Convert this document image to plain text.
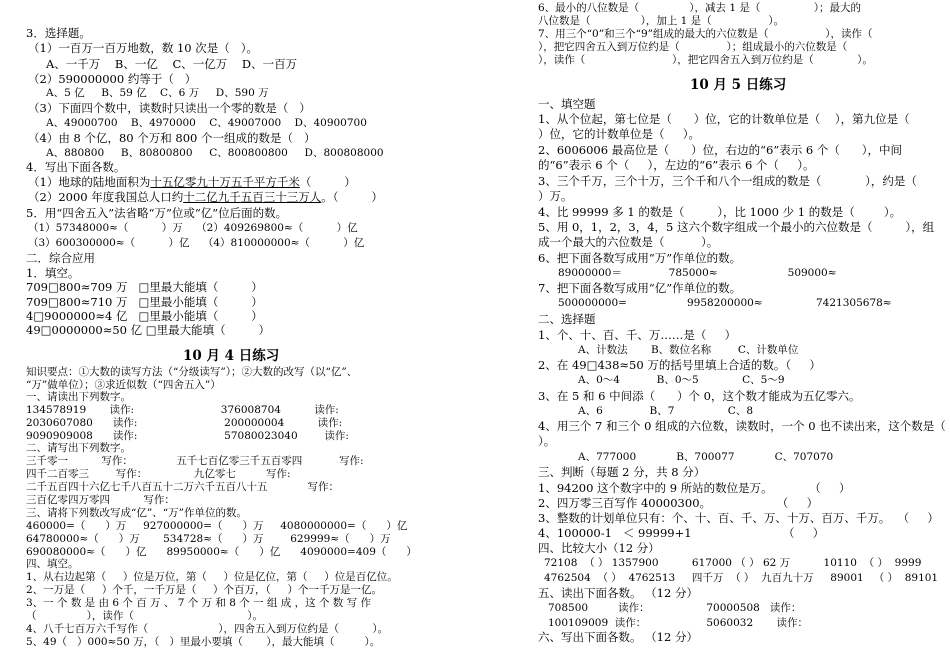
3．选择题。
（1）一百万一百万地数，数 10 次是（   ）。
A、一千万    B、一亿    C、一亿万    D、一百万
（2）590000000 约等于（   ）
A、5 亿     B、59 亿    C、6 万     D、590 万
（3）下面四个数中，读数时只读出一个零的数是（   ）
A、49000700    B、4970000    C、49007000    D、40900700
（4）由 8 个亿，80 个万和 800 个一组成的数是（   ）
A、880800     B、80800800     C、800800800     D、800808000
4．写出下面各数。
（1）地球的陆地面积为十五亿零九十万五千平方千米（         ）
（2）2000 年度我国总人口约十二亿九千五百三十三万人。（         ）
5．用“四舍五入”法省略“万”位或“亿”位后面的数。
（1）57348000≈（          ）万    （2）409269800≈（          ）亿
（3）600300000≈（          ）亿    （4）810000000≈（          ）亿
二．综合应用
1．填空。
709□800≈709 万   □里最大能填（         ）
709□800≈710 万   □里最小能填（         ）
4□9000000≈4 亿   □里最小能填（         ）
49□0000000≈50 亿 □里最大能填（         ）
10 月 4 日练习
知识要点：①大数的读写方法（“分级读写”）；②大数的改写（以“亿”、
“万”做单位）；③求近似数（“四舍五入”）
一、请读出下列数字。
134578919       读作:                          376008704          读作:
2030607080      读作:                          200000004          读作:
9090909008      读作:                          57080023040        读作:
二、请写出下列数字。
三千零一          写作：             五千七百亿零三千五百零四           写作:
四千二百零三        写作：              九亿零七         写作:
二千五百四十六亿七千八百五十二万六千五百八十五            写作：
三百亿零四万零四          写作：
三、请将下列数改写成“亿”、“万”作单位的数。
460000=（      ）万     927000000=（      ）万     4080000000=（      ）亿
64780000≈（      ）万       534728≈（      ）万        629999≈（      ）万
690080000≈（      ）亿      89950000≈（      ）亿      4090000=409（      ）
四、填空。
1、从右边起第（     ）位是万位，第（     ）位是亿位，第（     ）位是百亿位。
2、一万是（     ）个千，一千万是（     ）个百万，（     ）个一千万是一亿。
3、一 个 数 是 由 6 个 百 万 、 7 个 万 和 8 个 一 组 成 ，这 个 数 写 作
（               ），读作（                                  ）。
4、八千七百万六千写作（                     ），四舍五入到万位约是（          ）。
5、49（   ）000≈50 万，（   ）里最小要填（       ），最大能填（         ）。
6、最小的八位数是（               ），减去 1 是（                ）；最大的
八位数是（               ），加上 1 是（                 ）。
7、用三个“0”和三个“9”组成的最大的六位数是（                 ），读作（
），把它四舍五入到万位约是（              ）；组成最小的六位数是（
），读作（                          ），把它四舍五入到万位约是（             ）。
10 月 5 日练习
一、填空题
1、从个位起，第七位是（      ）位，它的计数单位是（    ），第九位是（
）位，它的计数单位是（     ）。
2、6006006 最高位是（      ）位，右边的“6”表示 6 个（      ），中间
的“6”表示 6 个（     ），左边的“6”表示 6 个（     ）。
3、三个千万，三个十万，三个千和八个一组成的数是（            ），约是（
）万。
4、比 99999 多 1 的数是（         ），比 1000 少 1 的数是（        ）。
5、用 0，1，2，3，4，5 这六个数字组成一个最小的六位数是（         ），组
成一个最大的六位数是（          ）。
6、把下面各数写成用“万”作单位的数。
89000000＝              785000≈                     509000≈
7、把下面各数写成用“亿”作单位的数。
500000000=                  9958200000≈                7421305678≈
二、选择题
1、个、十、百、千、万……是（     ）
A、计数法       B、数位名称        C、计数单位
2、在 49□438≈50 万的括号里填上合适的数。（     ）
A、0～4           B、0～5             C、5～9
3、在 5 和 6 中间添（      ）个 0，这个数才能成为五亿零六。
A、6              B、7                C、8
4、用三个 7 和三个 0 组成的六位数，读数时，一个 0 也不读出来，这个数是（
）。
A、777000            B、700077            C、707070
三、判断（每题 2 分，共 8 分）
1、94200 这个数字中的 9 所站的数位是万。          （     ）
2、四万零三百写作 40000300。                  （     ）
3、整数的计划单位只有：个、十、百、千、万、十万、百万、千万。  （     ）
4、100000-1   ＜ 99999+1                         （     ）
四、比较大小（12 分）
72108  （ ） 1357900          617000 （ ） 62 万          10110  （ ）  9999
4762504  （ ）  4762513     四千万  （ ）  九百九十万     89001   （ ）  89101
五、读出下面各数。 （12 分）
708500         读作：                 70000508   读作：
100109009  读作：                  5060032       读作：
六、写出下面各数。 （12 分）
